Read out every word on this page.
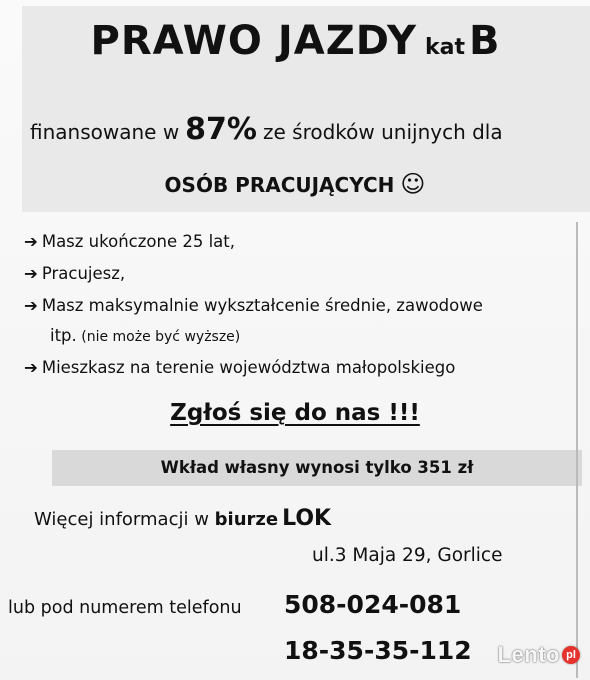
PRAWO JAZDY kat B
finansowane w 87% ze środków unijnych dla
OSÓB PRACUJĄCYCH ☺
➔ Masz ukończone 25 lat,
➔ Pracujesz,
➔ Masz maksymalnie wykształcenie średnie, zawodowe
itp. (nie może być wyższe)
➔ Mieszkasz na terenie województwa małopolskiego
Zgłoś się do nas !!!
Wkład własny wynosi tylko 351 zł
Więcej informacji w biurze LOK
ul.3 Maja 29, Gorlice
lub pod numerem telefonu 508-024-081
18-35-35-112 Lento pl
